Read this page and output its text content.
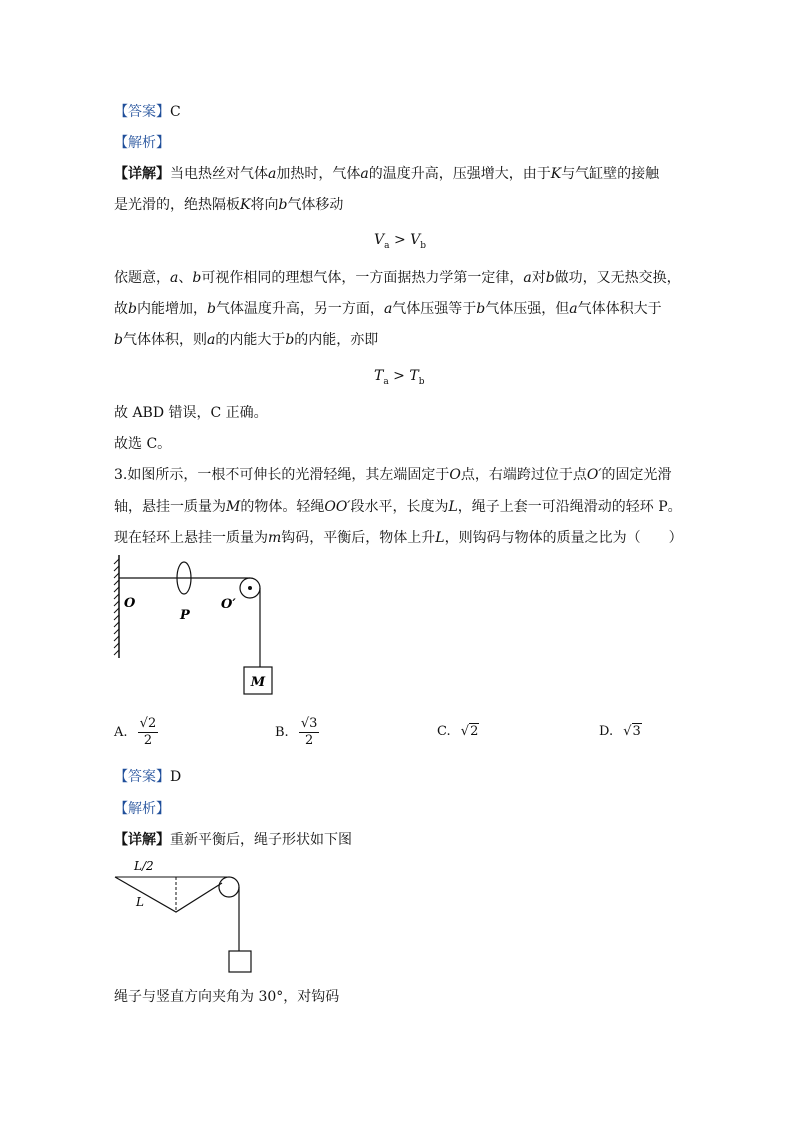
【答案】C
【解析】
【详解】当电热丝对气体a加热时，气体a的温度升高，压强增大，由于K与气缸壁的接触
是光滑的，绝热隔板K将向b气体移动
$V_a > V_b$
依题意，a、b可视作相同的理想气体，一方面据热力学第一定律，a对b做功，又无热交换，
故b内能增加，b气体温度升高，另一方面，a气体压强等于b气体压强，但a气体体积大于
b气体体积，则a的内能大于b的内能，亦即
$T_a > T_b$
故 ABD 错误，C 正确。
故选 C。
3.如图所示，一根不可伸长的光滑轻绳，其左端固定于O点，右端跨过位于点O′的固定光滑
轴，悬挂一质量为M的物体。轻绳OO′段水平，长度为L，绳子上套一可沿绳滑动的轻环 P。
现在轻环上悬挂一质量为m钩码，平衡后，物体上升L，则钩码与物体的质量之比为（　　）
M
O
P
O′
A. $\frac{√2}{2}$	B. $\frac{√3}{2}$	C. √2	D. √3
【答案】D
【解析】
【详解】重新平衡后，绳子形状如下图
L/2
L
绳子与竖直方向夹角为 30°，对钩码
